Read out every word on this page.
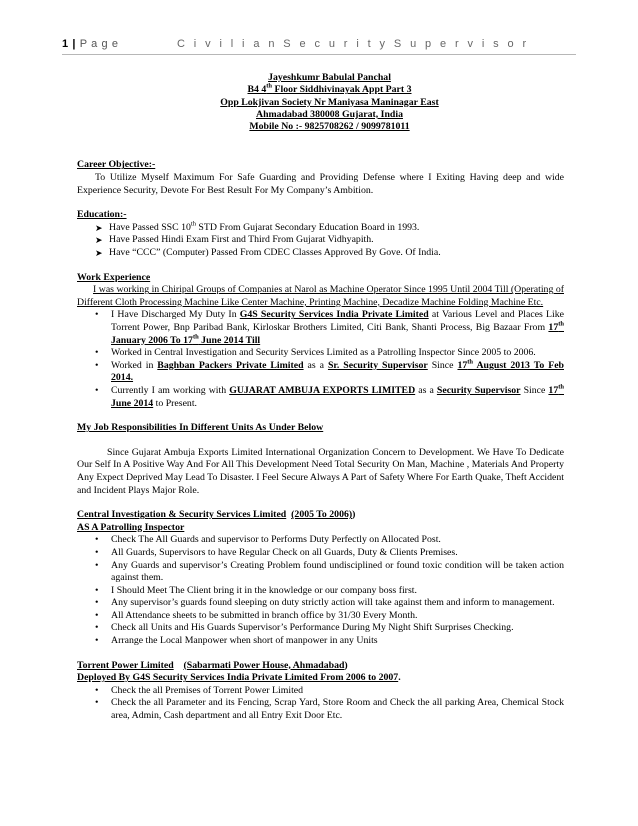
1 | P a g e	C i v i l i a n S e c u r i t y S u p e r v i s o r
Jayeshkumr Babulal Panchal
B4 4th Floor Siddhivinayak Appt Part 3
Opp Lokjivan Society Nr Maniyasa Maninagar East
Ahmadabad 380008 Gujarat, India
Mobile No :- 9825708262 / 9099781011
Career Objective:-

To Utilize Myself Maximum For Safe Guarding and Providing Defense where I Exiting Having deep and wide Experience Security, Devote For Best Result For My Company’s Ambition.

Education:-
➤ Have Passed SSC 10th STD From Gujarat Secondary Education Board in 1993.
➤ Have Passed Hindi Exam First and Third From Gujarat Vidhyapith.
➤ Have “CCC” (Computer) Passed From CDEC Classes Approved By Gove. Of India.
Work Experience

I was working in Chiripal Groups of Companies at Narol as Machine Operator Since 1995 Until 2004 Till (Operating of Different Cloth Processing Machine Like Center Machine, Printing Machine, Decadize Machine Folding Machine Etc.

• I Have Discharged My Duty In G4S Security Services India Private Limited at Various Level and Places Like Torrent Power, Bnp Paribad Bank, Kirloskar Brothers Limited, Citi Bank, Shanti Process, Big Bazaar From 17th January 2006 To 17th June 2014 Till
• Worked in Central Investigation and Security Services Limited as a Patrolling Inspector Since 2005 to 2006.
• Worked in Baghban Packers Private Limited as a Sr. Security Supervisor Since 17th August 2013 To Feb 2014.
• Currently I am working with GUJARAT AMBUJA EXPORTS LIMITED as a Security Supervisor Since 17th June 2014 to Present.
My Job Responsibilities In Different Units As Under Below

Since Gujarat Ambuja Exports Limited International Organization Concern to Development. We Have To Dedicate Our Self In A Positive Way And For All This Development Need Total Security On Man, Machine , Materials And Property Any Expect Deprived May Lead To Disaster. I Feel Secure Always A Part of Safety Where For Earth Quake, Theft Accident and Incident Plays Major Role.

Central Investigation & Security Services Limited (2005 To 2006))
AS A Patrolling Inspector
• Check The All Guards and supervisor to Performs Duty Perfectly on Allocated Post.
• All Guards, Supervisors to have Regular Check on all Guards, Duty & Clients Premises.
• Any Guards and supervisor’s Creating Problem found undisciplined or found toxic condition will be taken action against them.
• I Should Meet The Client bring it in the knowledge or our company boss first.
• Any supervisor’s guards found sleeping on duty strictly action will take against them and inform to management.
• All Attendance sheets to be submitted in branch office by 31/30 Every Month.
• Check all Units and His Guards Supervisor’s Performance During My Night Shift Surprises Checking.
• Arrange the Local Manpower when short of manpower in any Units
Torrent Power Limited (Sabarmati Power House, Ahmadabad)
Deployed By G4S Security Services India Private Limited From 2006 to 2007.
• Check the all Premises of Torrent Power Limited
• Check the all Parameter and its Fencing, Scrap Yard, Store Room and Check the all parking Area, Chemical Stock area, Admin, Cash department and all Entry Exit Door Etc.
